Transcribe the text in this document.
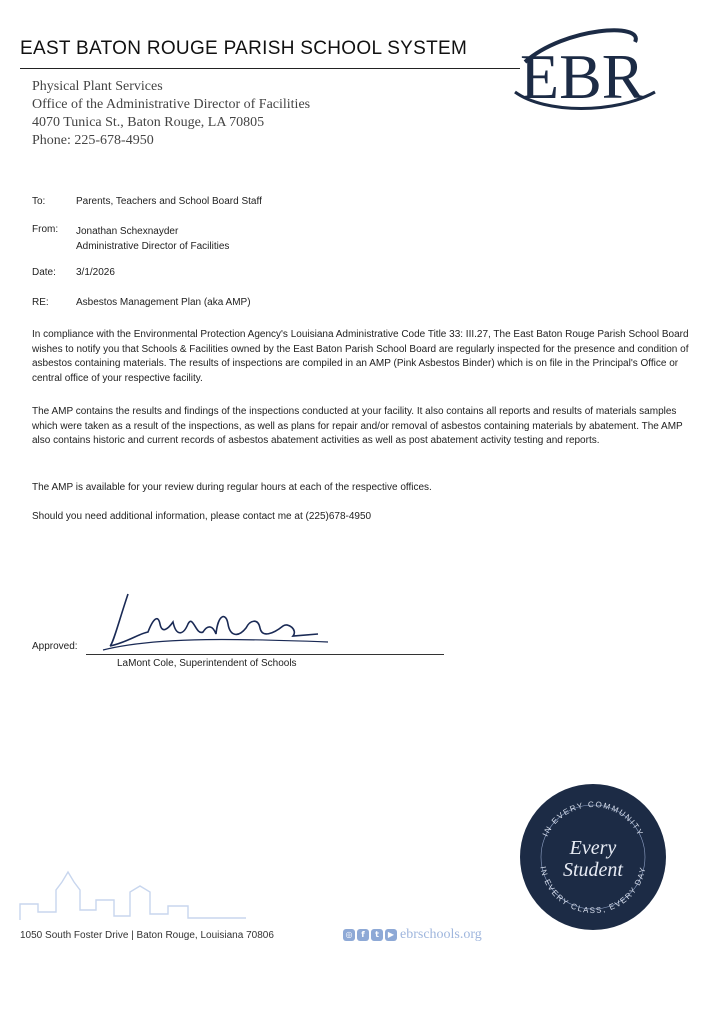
EAST BATON ROUGE PARISH SCHOOL SYSTEM EBR
Physical Plant Services
Office of the Administrative Director of Facilities
4070 Tunica St., Baton Rouge, LA 70805
Phone: 225-678-4950
To:	Parents, Teachers and School Board Staff
From:	Jonathan Schexnayder
Administrative Director of Facilities
Date:	3/1/2026
RE:	Asbestos Management Plan (aka AMP)
In compliance with the Environmental Protection Agency's Louisiana Administrative Code Title 33: III.27, The East Baton Rouge Parish School Board wishes to notify you that Schools & Facilities owned by the East Baton Parish School Board are regularly inspected for the presence and condition of asbestos containing materials. The results of inspections are compiled in an AMP (Pink Asbestos Binder) which is on file in the Principal's Office or central office of your respective facility.
The AMP contains the results and findings of the inspections conducted at your facility. It also contains all reports and results of materials samples which were taken as a result of the inspections, as well as plans for repair and/or removal of asbestos containing materials by abatement. The AMP also contains historic and current records of asbestos abatement activities as well as post abatement activity testing and reports.
The AMP is available for your review during regular hours at each of the respective offices.
Should you need additional information, please contact me at (225)678-4950
Approved:
LaMont Cole, Superintendent of Schools
IN EVERY COMMUNITY
IN EVERY CLASS, EVERY DAY
Every
Student
1050 South Foster Drive | Baton Rouge, Louisiana 70806	◎	f	t	▶ ebrschools.org
